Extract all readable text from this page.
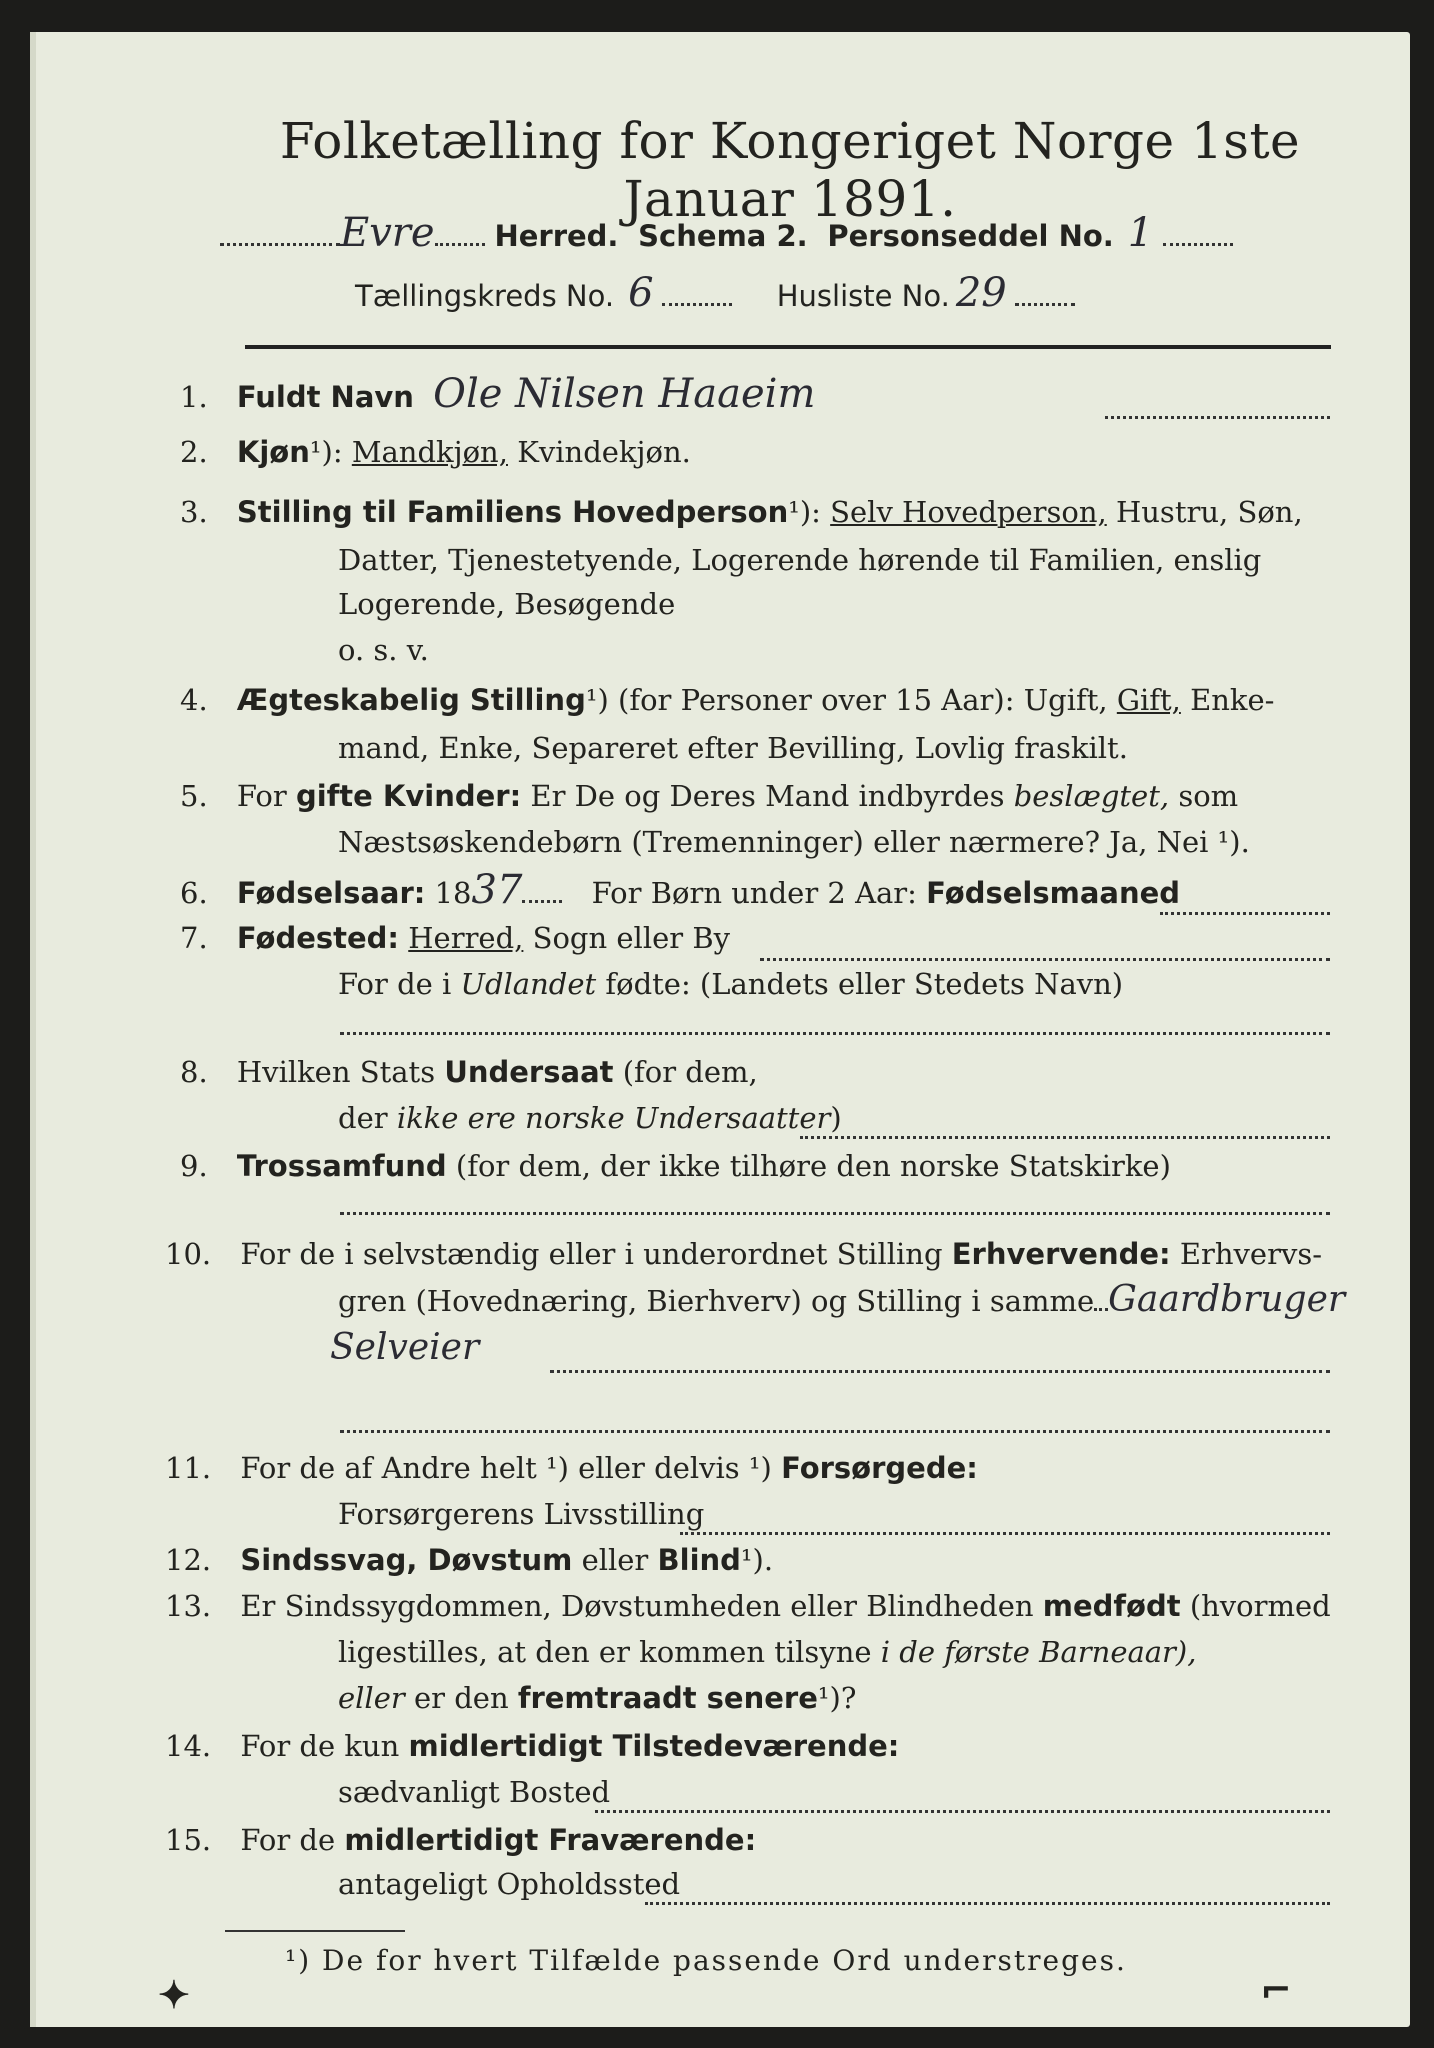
Folketælling for Kongeriget Norge 1ste Januar 1891.
Evre Herred. Schema 2. Personseddel No. 1
Tællingskreds No. 6	Husliste No. 29
1. Fuldt Navn Ole Nilsen Haaeim
2. Kjøn¹): Mandkjøn, Kvindekjøn.
3. Stilling til Familiens Hovedperson¹): Selv Hovedperson, Hustru, Søn,
Datter, Tjenestetyende, Logerende hørende til Familien, enslig
Logerende, Besøgende
o. s. v.
4. Ægteskabelig Stilling¹) (for Personer over 15 Aar): Ugift, Gift, Enke-
mand, Enke, Separeret efter Bevilling, Lovlig fraskilt.
5. For gifte Kvinder: Er De og Deres Mand indbyrdes beslægtet, som
Næstsøskendebørn (Tremenninger) eller nærmere? Ja, Nei ¹).
6. Fødselsaar: 1837 For Børn under 2 Aar: Fødselsmaaned
7. Fødested: Herred, Sogn eller By
For de i Udlandet fødte: (Landets eller Stedets Navn)
8. Hvilken Stats Undersaat (for dem,
der ikke ere norske Undersaatter)
9. Trossamfund (for dem, der ikke tilhøre den norske Statskirke)
10. For de i selvstændig eller i underordnet Stilling Erhvervende: Erhvervs-
gren (Hovednæring, Bierhverv) og Stilling i samme Gaardbruger
Selveier
11. For de af Andre helt ¹) eller delvis ¹) Forsørgede:
Forsørgerens Livsstilling
12. Sindssvag, Døvstum eller Blind¹).
13. Er Sindssygdommen, Døvstumheden eller Blindheden medfødt (hvormed
ligestilles, at den er kommen tilsyne i de første Barneaar),
eller er den fremtraadt senere¹)?
14. For de kun midlertidigt Tilstedeværende:
sædvanligt Bosted
15. For de midlertidigt Fraværende:
antageligt Opholdssted
¹) De for hvert Tilfælde passende Ord understreges.
✦	⌐
